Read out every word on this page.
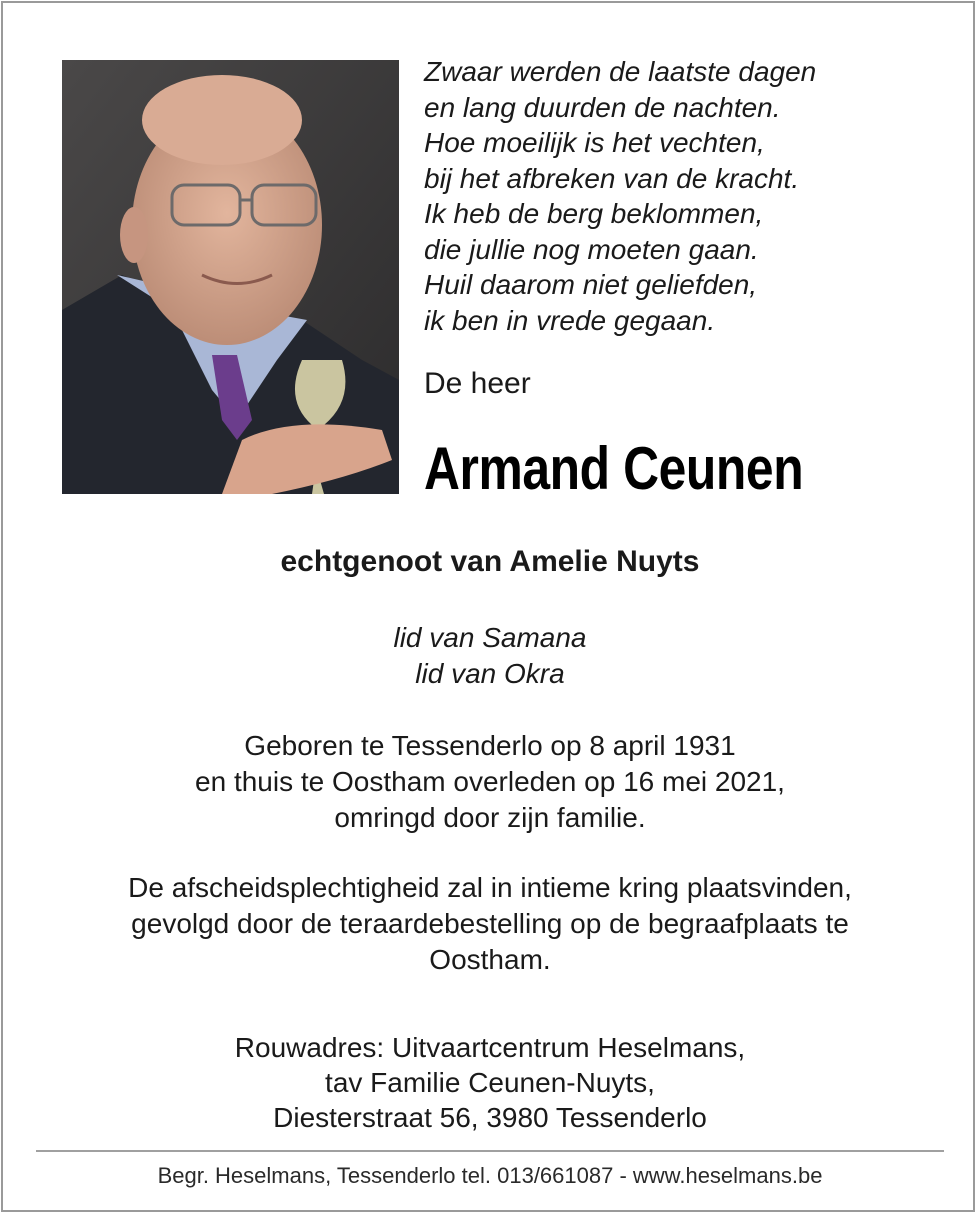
Zwaar werden de laatste dagen
en lang duurden de nachten.
Hoe moeilijk is het vechten,
bij het afbreken van de kracht.
Ik heb de berg beklommen,
die jullie nog moeten gaan.
Huil daarom niet geliefden,
ik ben in vrede gegaan.
De heer
Armand Ceunen
echtgenoot van Amelie Nuyts
lid van Samana
lid van Okra
Geboren te Tessenderlo op 8 april 1931
en thuis te Oostham overleden op 16 mei 2021,
omringd door zijn familie.
De afscheidsplechtigheid zal in intieme kring plaatsvinden,
gevolgd door de teraardebestelling op de begraafplaats te
Oostham.
Rouwadres: Uitvaartcentrum Heselmans,
tav Familie Ceunen-Nuyts,
Diesterstraat 56, 3980 Tessenderlo
Begr. Heselmans, Tessenderlo tel. 013/661087 - www.heselmans.be
